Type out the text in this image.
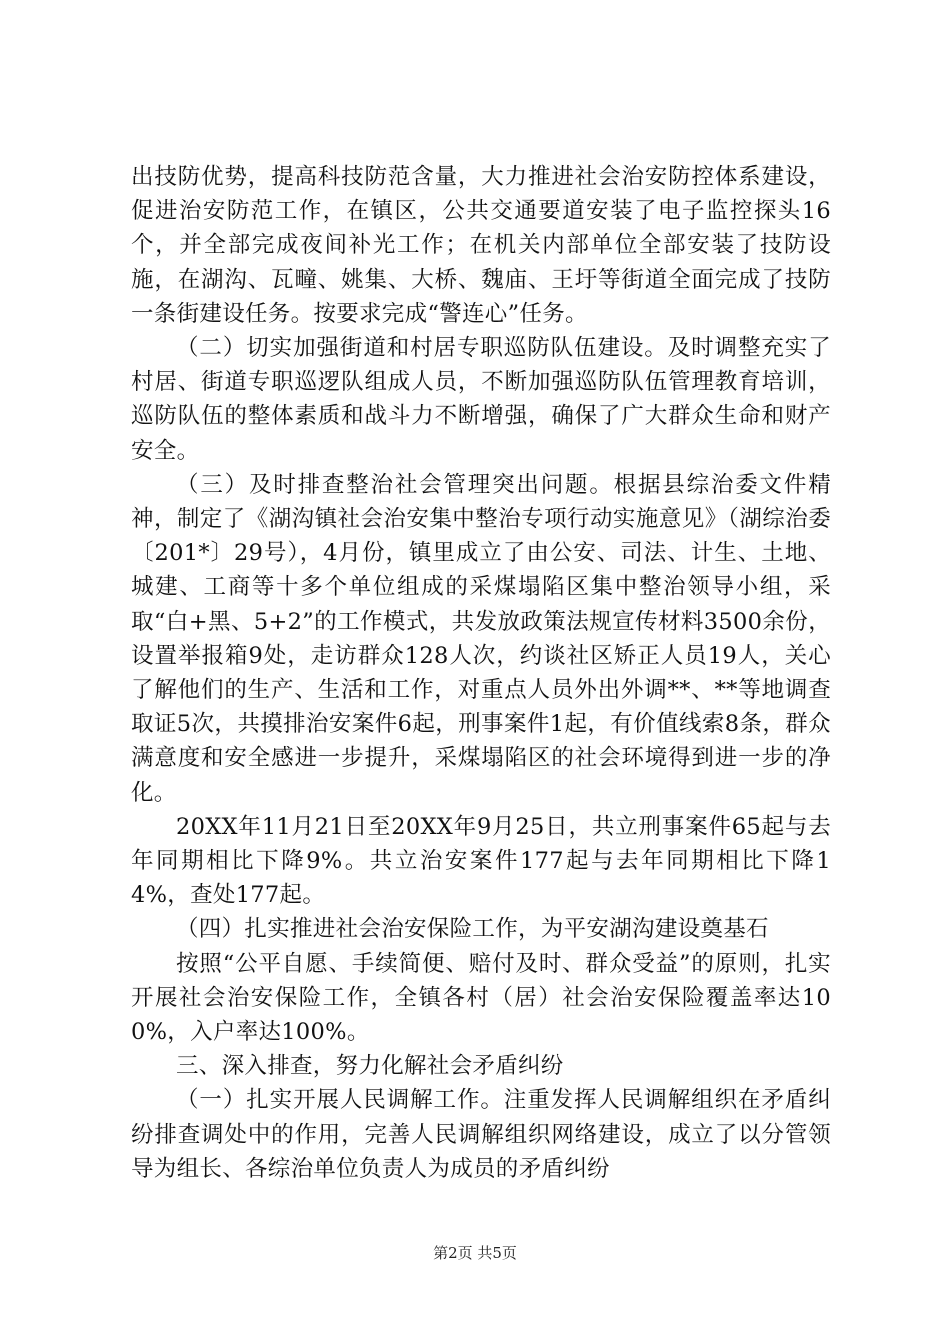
出技防优势，提高科技防范含量，大力推进社会治安防控体系建设，促进治安防范工作，在镇区，公共交通要道安装了电子监控探头16个，并全部完成夜间补光工作；在机关内部单位全部安装了技防设施，在湖沟、瓦疃、姚集、大桥、魏庙、王圩等街道全面完成了技防一条街建设任务。按要求完成“警连心”任务。

（二）切实加强街道和村居专职巡防队伍建设。及时调整充实了村居、街道专职巡逻队组成人员，不断加强巡防队伍管理教育培训，巡防队伍的整体素质和战斗力不断增强，确保了广大群众生命和财产安全。

（三）及时排查整治社会管理突出问题。根据县综治委文件精神，制定了《湖沟镇社会治安集中整治专项行动实施意见》（湖综治委〔201*〕29号），4月份，镇里成立了由公安、司法、计生、土地、城建、工商等十多个单位组成的采煤塌陷区集中整治领导小组，采取“白+黑、5+2”的工作模式，共发放政策法规宣传材料3500余份，设置举报箱9处，走访群众128人次，约谈社区矫正人员19人，关心了解他们的生产、生活和工作，对重点人员外出外调**、**等地调查取证5次，共摸排治安案件6起，刑事案件1起，有价值线索8条，群众满意度和安全感进一步提升，采煤塌陷区的社会环境得到进一步的净化。

20XX年11月21日至20XX年9月25日，共立刑事案件65起与去年同期相比下降9%。共立治安案件177起与去年同期相比下降14%，查处177起。

（四）扎实推进社会治安保险工作，为平安湖沟建设奠基石

按照“公平自愿、手续简便、赔付及时、群众受益”的原则，扎实开展社会治安保险工作，全镇各村（居）社会治安保险覆盖率达100%，入户率达100%。

三、深入排查，努力化解社会矛盾纠纷

（一）扎实开展人民调解工作。注重发挥人民调解组织在矛盾纠纷排查调处中的作用，完善人民调解组织网络建设，成立了以分管领导为组长、各综治单位负责人为成员的矛盾纠纷

第2页 共5页
